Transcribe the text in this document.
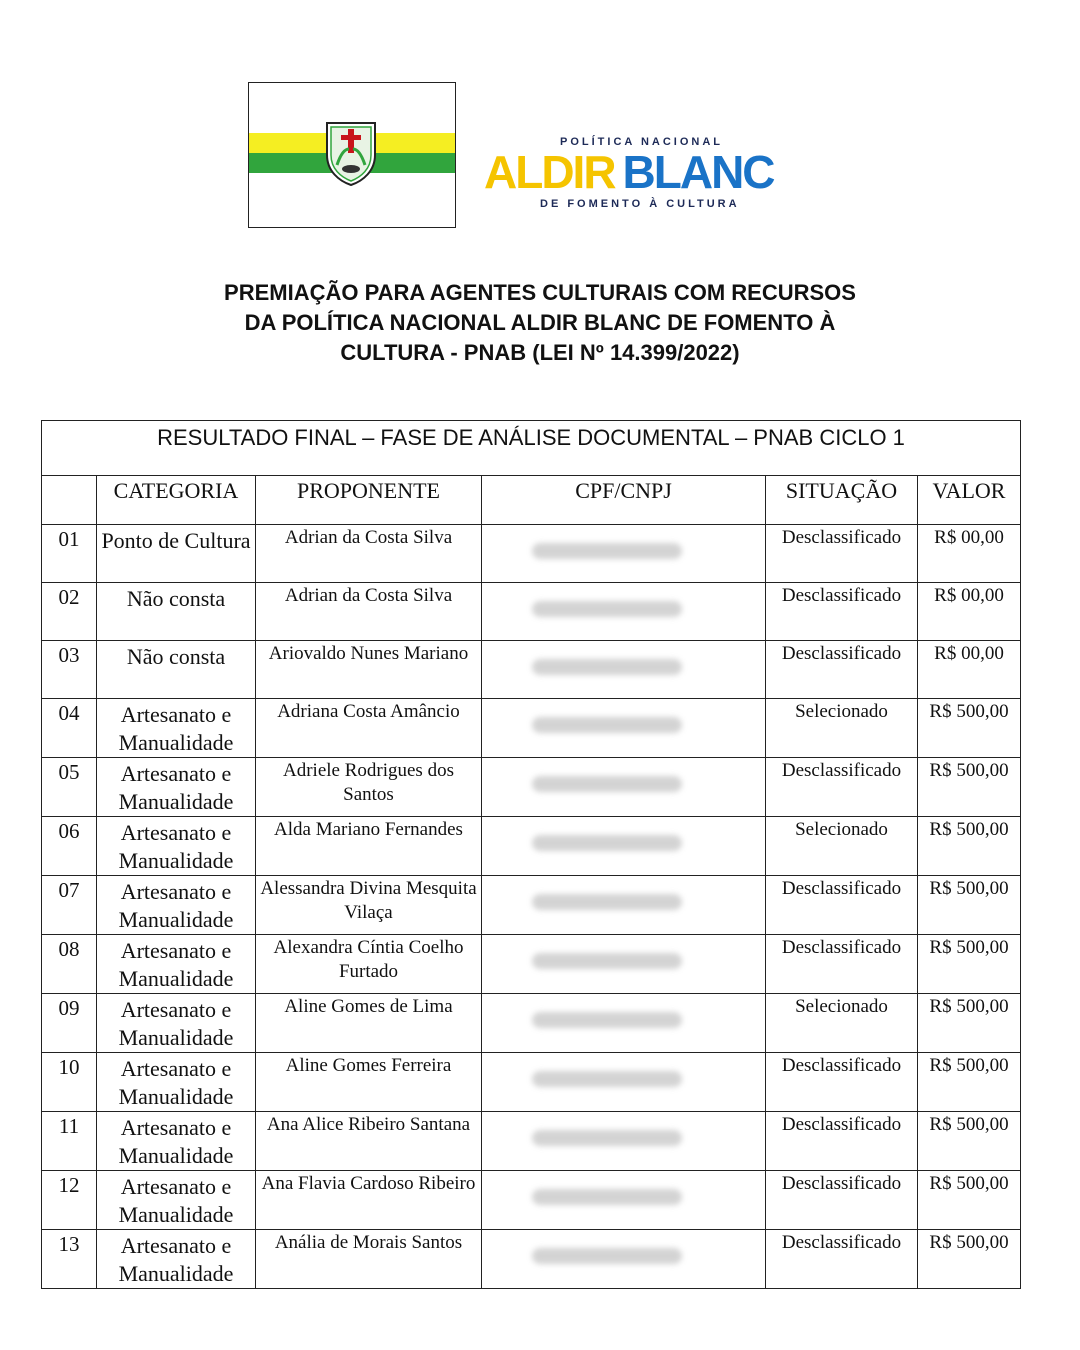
POLÍTICA NACIONAL
ALDIR BLANC
DE FOMENTO À CULTURA
PREMIAÇÃO PARA AGENTES CULTURAIS COM RECURSOS
DA POLÍTICA NACIONAL ALDIR BLANC DE FOMENTO À
CULTURA - PNAB (LEI Nº 14.399/2022)
RESULTADO FINAL – FASE DE ANÁLISE DOCUMENTAL – PNAB CICLO 1					
	CATEGORIA	PROPONENTE	CPF/CNPJ	SITUAÇÃO	VALOR
01	Ponto de Cultura	Adrian da Costa Silva		Desclassificado	R$ 00,00
02	Não consta	Adrian da Costa Silva		Desclassificado	R$ 00,00
03	Não consta	Ariovaldo Nunes Mariano		Desclassificado	R$ 00,00
04	Artesanato e Manualidade	Adriana Costa Amâncio		Selecionado	R$ 500,00
05	Artesanato e Manualidade	Adriele Rodrigues dos Santos		Desclassificado	R$ 500,00
06	Artesanato e Manualidade	Alda Mariano Fernandes		Selecionado	R$ 500,00
07	Artesanato e Manualidade	Alessandra Divina Mesquita Vilaça		Desclassificado	R$ 500,00
08	Artesanato e Manualidade	Alexandra Cíntia Coelho Furtado		Desclassificado	R$ 500,00
09	Artesanato e Manualidade	Aline Gomes de Lima		Selecionado	R$ 500,00
10	Artesanato e Manualidade	Aline Gomes Ferreira		Desclassificado	R$ 500,00
11	Artesanato e Manualidade	Ana Alice Ribeiro Santana		Desclassificado	R$ 500,00
12	Artesanato e Manualidade	Ana Flavia Cardoso Ribeiro		Desclassificado	R$ 500,00
13	Artesanato e Manualidade	Anália de Morais Santos		Desclassificado	R$ 500,00
